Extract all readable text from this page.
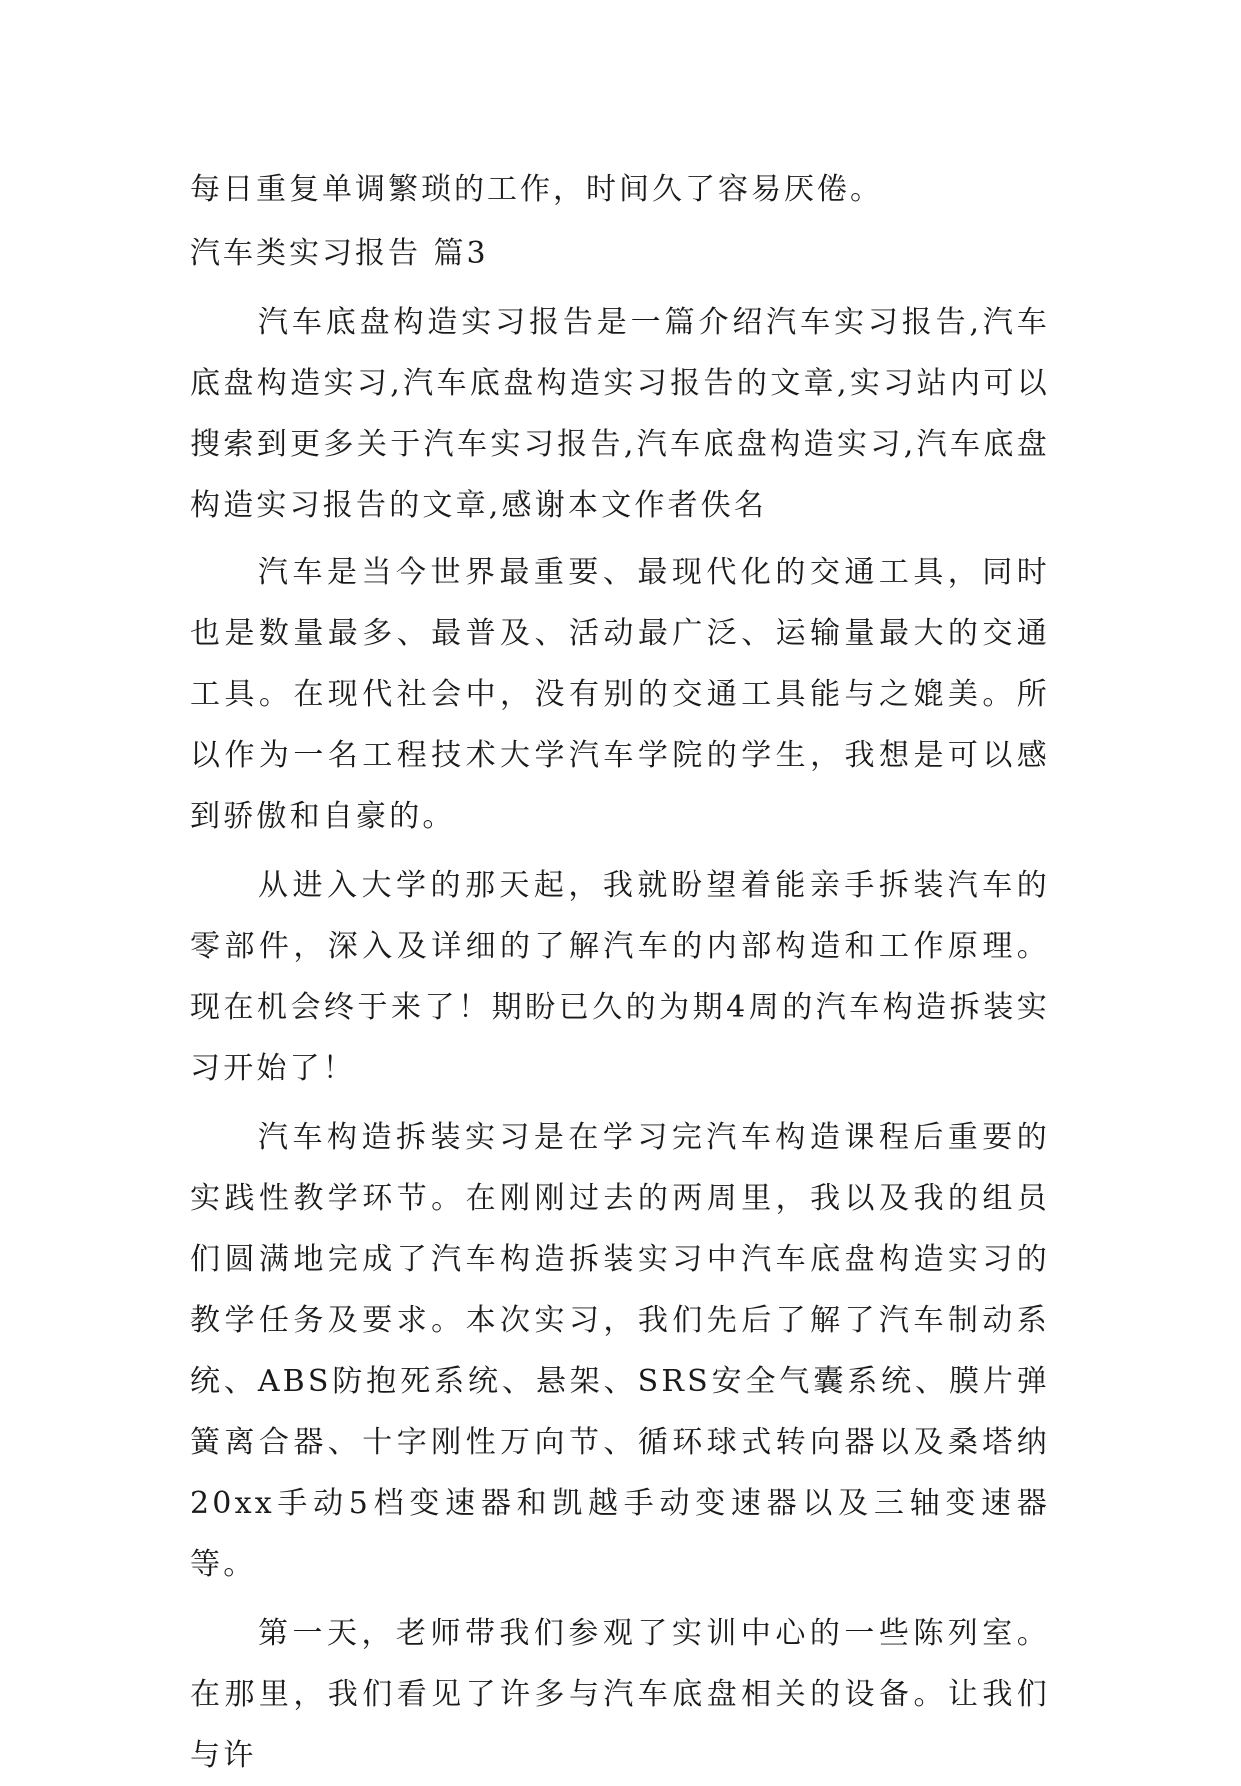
每日重复单调繁琐的工作，时间久了容易厌倦。

汽车类实习报告 篇3

汽车底盘构造实习报告是一篇介绍汽车实习报告,汽车底盘构造实习,汽车底盘构造实习报告的文章,实习站内可以搜索到更多关于汽车实习报告,汽车底盘构造实习,汽车底盘构造实习报告的文章,感谢本文作者佚名

汽车是当今世界最重要、最现代化的交通工具，同时也是数量最多、最普及、活动最广泛、运输量最大的交通工具。在现代社会中，没有别的交通工具能与之媲美。所以作为一名工程技术大学汽车学院的学生，我想是可以感到骄傲和自豪的。

从进入大学的那天起，我就盼望着能亲手拆装汽车的零部件，深入及详细的了解汽车的内部构造和工作原理。现在机会终于来了！期盼已久的为期4周的汽车构造拆装实习开始了！

汽车构造拆装实习是在学习完汽车构造课程后重要的实践性教学环节。在刚刚过去的两周里，我以及我的组员们圆满地完成了汽车构造拆装实习中汽车底盘构造实习的教学任务及要求。本次实习，我们先后了解了汽车制动系统、ABS防抱死系统、悬架、SRS安全气囊系统、膜片弹簧离合器、十字刚性万向节、循环球式转向器以及桑塔纳20xx手动5档变速器和凯越手动变速器以及三轴变速器等。

第一天，老师带我们参观了实训中心的一些陈列室。在那里，我们看见了许多与汽车底盘相关的设备。让我们与许
